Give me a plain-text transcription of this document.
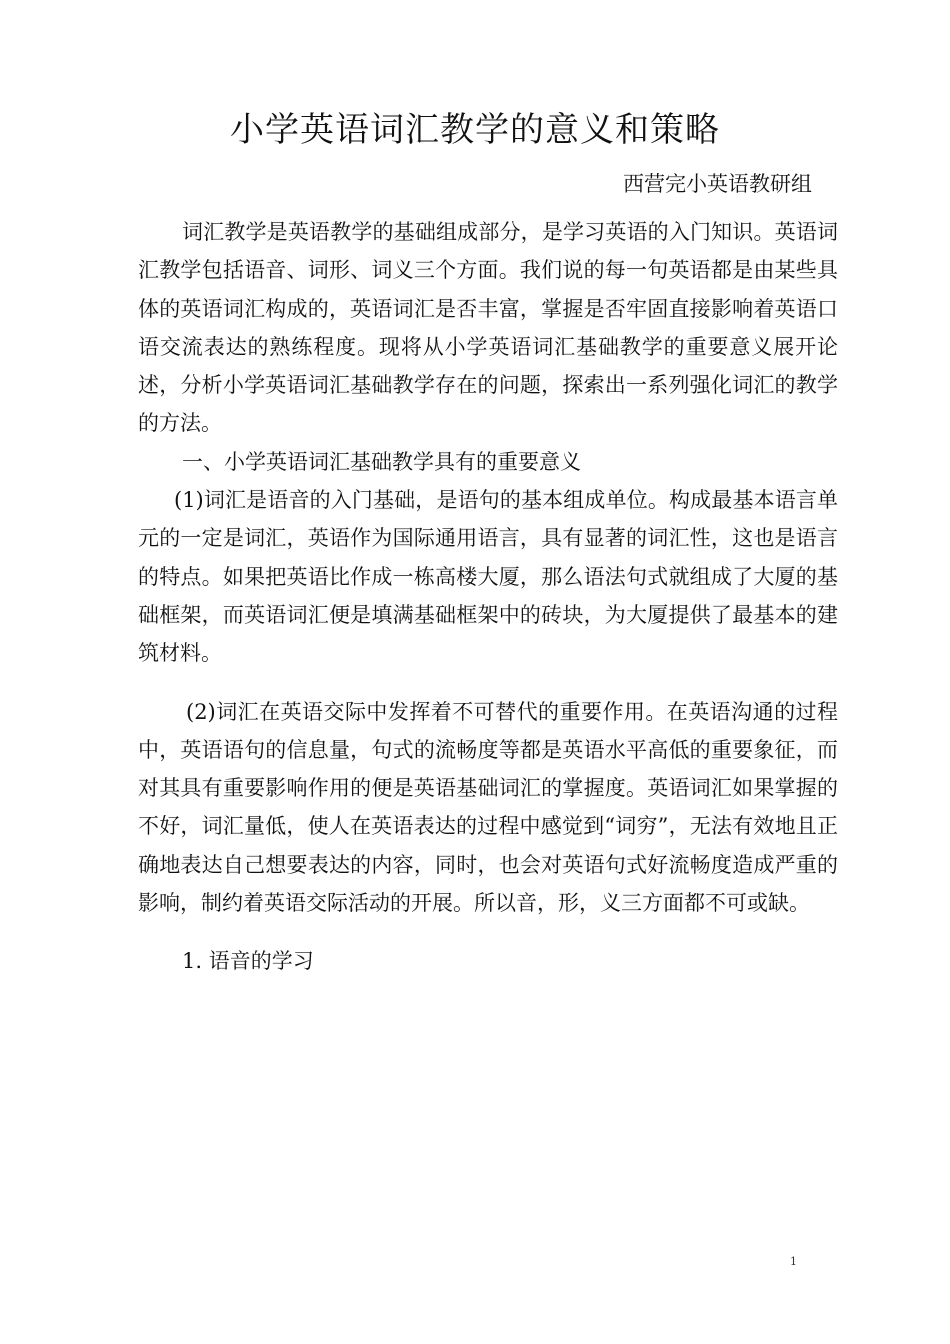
小学英语词汇教学的意义和策略

西营完小英语教研组

词汇教学是英语教学的基础组成部分，是学习英语的入门知识。英语词汇教学包括语音、词形、词义三个方面。我们说的每一句英语都是由某些具体的英语词汇构成的，英语词汇是否丰富，掌握是否牢固直接影响着英语口语交流表达的熟练程度。现将从小学英语词汇基础教学的重要意义展开论述，分析小学英语词汇基础教学存在的问题，探索出一系列强化词汇的教学的方法。

一、小学英语词汇基础教学具有的重要意义

(1)词汇是语音的入门基础，是语句的基本组成单位。构成最基本语言单元的一定是词汇，英语作为国际通用语言，具有显著的词汇性，这也是语言的特点。如果把英语比作成一栋高楼大厦，那么语法句式就组成了大厦的基础框架，而英语词汇便是填满基础框架中的砖块，为大厦提供了最基本的建筑材料。

(2)词汇在英语交际中发挥着不可替代的重要作用。在英语沟通的过程中，英语语句的信息量，句式的流畅度等都是英语水平高低的重要象征，而对其具有重要影响作用的便是英语基础词汇的掌握度。英语词汇如果掌握的不好，词汇量低，使人在英语表达的过程中感觉到“词穷”，无法有效地且正确地表达自己想要表达的内容，同时，也会对英语句式好流畅度造成严重的影响，制约着英语交际活动的开展。所以音，形，义三方面都不可或缺。

1. 语音的学习

1
